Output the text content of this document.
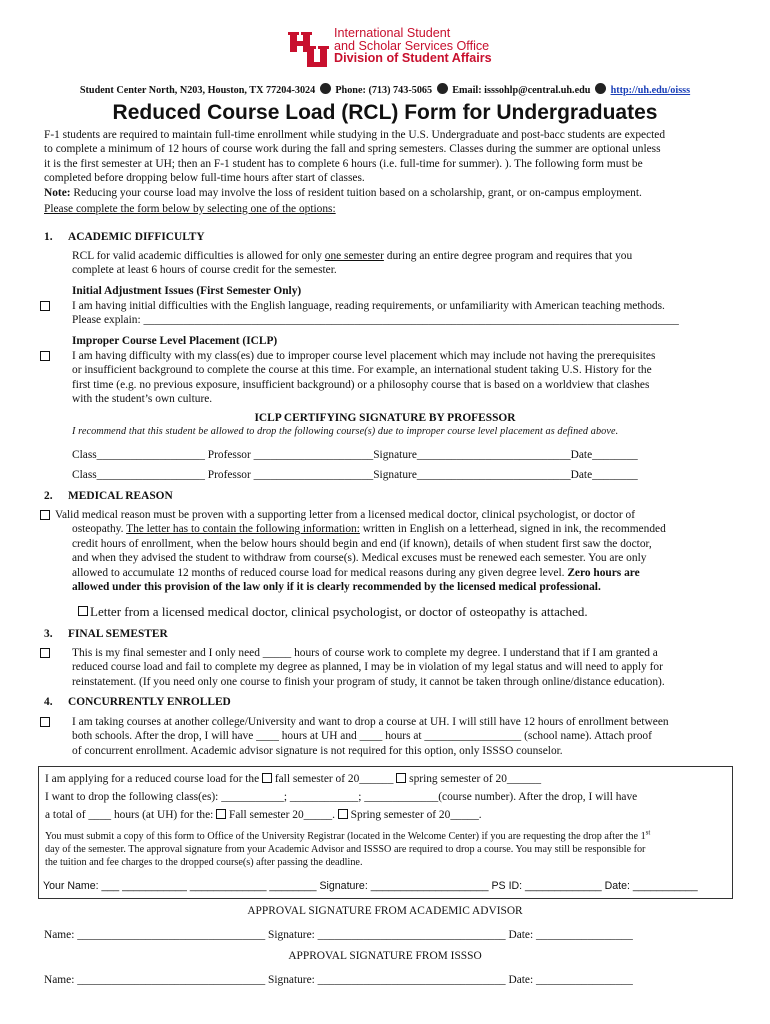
International Student
and Scholar Services Office
Division of Student Affairs
Student Center North, N203, Houston, TX 77204-3024 Phone: (713) 743-5065 Email: isssohlp@central.uh.edu http://uh.edu/oisss
Reduced Course Load (RCL) Form for Undergraduates
F-1 students are required to maintain full-time enrollment while studying in the U.S. Undergraduate and post-bacc students are expected
to complete a minimum of 12 hours of course work during the fall and spring semesters. Classes during the summer are optional unless
it is the first semester at UH; then an F-1 student has to complete 6 hours (i.e. full-time for summer). ). The following form must be
completed before dropping below full-time hours after start of classes.
Note: Reducing your course load may involve the loss of resident tuition based on a scholarship, grant, or on-campus employment.
Please complete the form below by selecting one of the options:
1. ACADEMIC DIFFICULTY
RCL for valid academic difficulties is allowed for only one semester during an entire degree program and requires that you
complete at least 6 hours of course credit for the semester.
Initial Adjustment Issues (First Semester Only)
I am having initial difficulties with the English language, reading requirements, or unfamiliarity with American teaching methods.
Please explain: ______________________________________________________________________________________________
Improper Course Level Placement (ICLP)
I am having difficulty with my class(es) due to improper course level placement which may include not having the prerequisites
or insufficient background to complete the course at this time. For example, an international student taking U.S. History for the
first time (e.g. no previous exposure, insufficient background) or a philosophy course that is based on a worldview that clashes
with the student’s own culture.
ICLP CERTIFYING SIGNATURE BY PROFESSOR
I recommend that this student be allowed to drop the following course(s) due to improper course level placement as defined above.
Class___________________ Professor _____________________Signature___________________________Date________
Class___________________ Professor _____________________Signature___________________________Date________
2. MEDICAL REASON
Valid medical reason must be proven with a supporting letter from a licensed medical doctor, clinical psychologist, or doctor of
osteopathy. The letter has to contain the following information: written in English on a letterhead, signed in ink, the recommended
credit hours of enrollment, when the below hours should begin and end (if known), details of when student first saw the doctor,
and when they advised the student to withdraw from course(s). Medical excuses must be renewed each semester. You are only
allowed to accumulate 12 months of reduced course load for medical reasons during any given degree level. Zero hours are
allowed under this provision of the law only if it is clearly recommended by the licensed medical professional.
Letter from a licensed medical doctor, clinical psychologist, or doctor of osteopathy is attached.
3. FINAL SEMESTER
This is my final semester and I only need _____ hours of course work to complete my degree. I understand that if I am granted a
reduced course load and fail to complete my degree as planned, I may be in violation of my legal status and will need to apply for
reinstatement. (If you need only one course to finish your program of study, it cannot be taken through online/distance education).
4. CONCURRENTLY ENROLLED
I am taking courses at another college/University and want to drop a course at UH. I will still have 12 hours of enrollment between
both schools. After the drop, I will have ____ hours at UH and ____ hours at _________________ (school name). Attach proof
of concurrent enrollment. Academic advisor signature is not required for this option, only ISSSO counselor.
I am applying for a reduced course load for the  fall semester of 20______  spring semester of 20______
I want to drop the following class(es): ___________; ____________; _____________(course number). After the drop, I will have
a total of ____ hours (at UH) for the:  Fall semester 20_____.  Spring semester of 20_____.
You must submit a copy of this form to Office of the University Registrar (located in the Welcome Center) if you are requesting the drop after the 1st
day of the semester. The approval signature from your Academic Advisor and ISSSO are required to drop a course. You may still be responsible for
the tuition and fee charges to the dropped course(s) after passing the deadline.
Your Name: ___ ___________ _____________ ________ Signature: ____________________ PS ID: _____________ Date: ___________
APPROVAL SIGNATURE FROM ACADEMIC ADVISOR
Name: _________________________________ Signature: _________________________________ Date: _________________
APPROVAL SIGNATURE FROM ISSSO
Name: _________________________________ Signature: _________________________________ Date: _________________
